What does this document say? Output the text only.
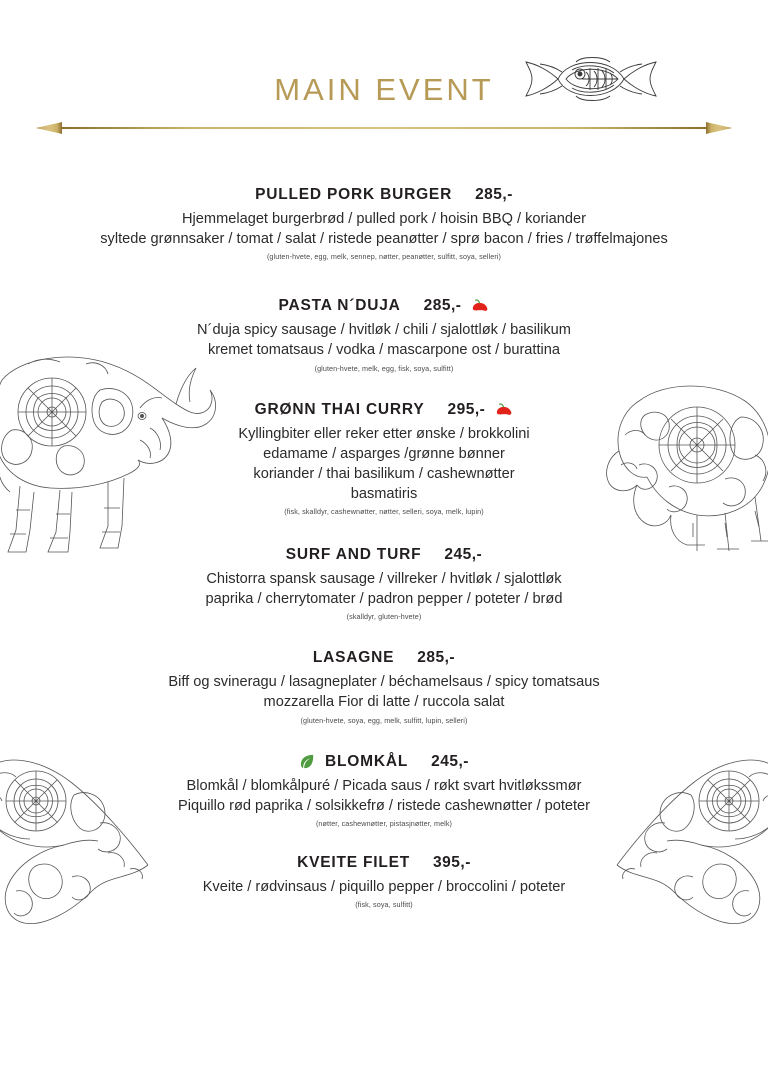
MAIN EVENT
PULLED PORK BURGER 285,-
Hjemmelaget burgerbrød / pulled pork / hoisin BBQ / koriander
syltede grønnsaker / tomat / salat / ristede peanøtter / sprø bacon / fries / trøffelmajones
(gluten-hvete, egg, melk, sennep, nøtter, peanøtter, sulfitt, soya, selleri)
PASTA N´DUJA 285,-
N´duja spicy sausage / hvitløk / chili / sjalottløk / basilikum
kremet tomatsaus / vodka / mascarpone ost / burattina
(gluten-hvete, melk, egg, fisk, soya, sulfitt)
GRØNN THAI CURRY 295,-
Kyllingbiter eller reker etter ønske / brokkolini
edamame / asparges /grønne bønner
koriander / thai basilikum / cashewnøtter
basmatiris
(fisk, skalldyr, cashewnøtter, nøtter, selleri, soya, melk, lupin)
SURF AND TURF 245,-
Chistorra spansk sausage / villreker / hvitløk / sjalottløk
paprika / cherrytomater / padron pepper / poteter / brød
(skalldyr, gluten-hvete)
LASAGNE 285,-
Biff og svineragu / lasagneplater / béchamelsaus / spicy tomatsaus
mozzarella Fior di latte / ruccola salat
(gluten-hvete, soya, egg, melk, sulfitt, lupin, selleri)
BLOMKÅL 245,-
Blomkål / blomkålpuré / Picada saus / røkt svart hvitløkssmør
Piquillo rød paprika / solsikkefrø / ristede cashewnøtter / poteter
(nøtter, cashewnøtter, pistasjnøtter, melk)
KVEITE FILET 395,-
Kveite / rødvinsaus / piquillo pepper / broccolini / poteter
(fisk, soya, sulfitt)
